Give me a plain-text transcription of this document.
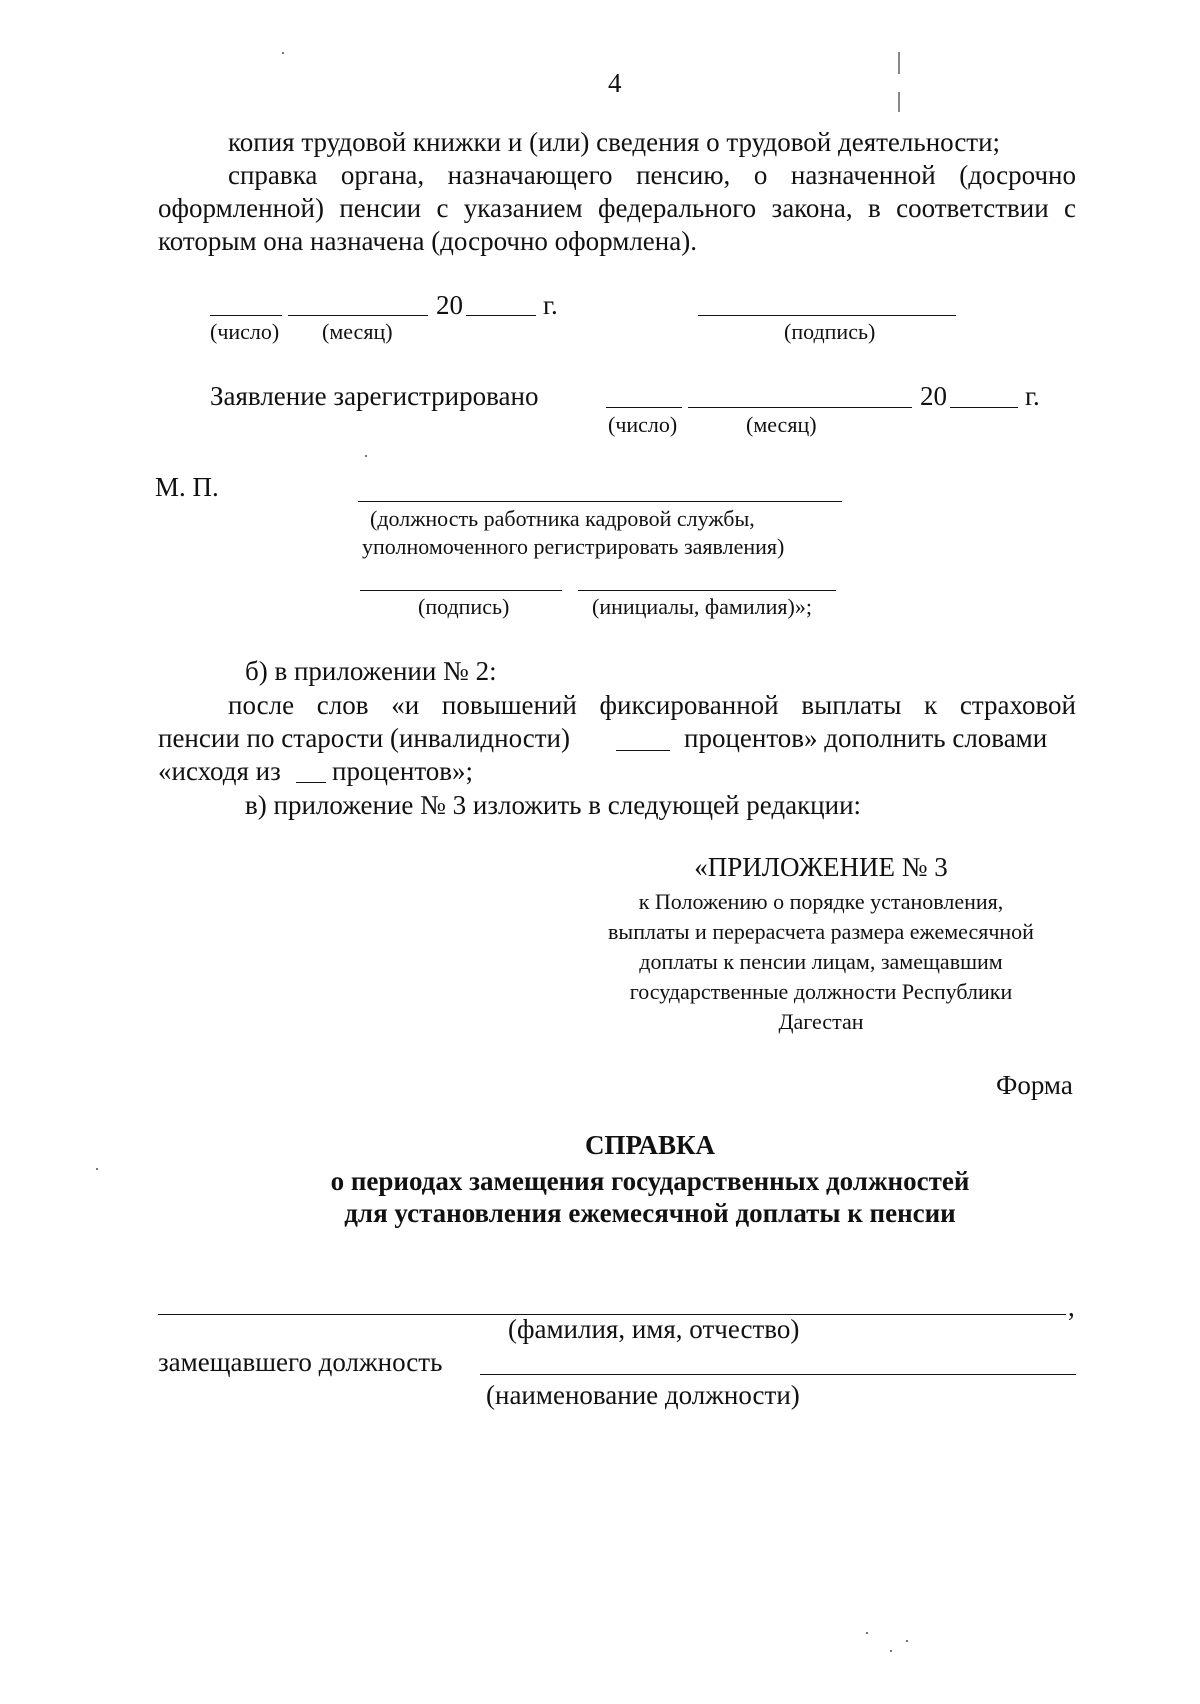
4
копия трудовой книжки и (или) сведения о трудовой деятельности;
справка органа, назначающего пенсию, о назначенной (досрочно
оформленной) пенсии с указанием федерального закона, в соответствии с
которым она назначена (досрочно оформлена).
20	г.
(число) (месяц)	(подпись)
Заявление зарегистрировано	20	г.
(число)	(месяц)
М. П.
(должность работника кадровой службы,
уполномоченного регистрировать заявления)
(подпись)	(инициалы, фамилия)»;
б) в приложении № 2:
после слов «и повышений фиксированной выплаты к страховой
пенсии по старости (инвалидности)	процентов» дополнить словами
«исходя из процентов»;
в) приложение № 3 изложить в следующей редакции:
«ПРИЛОЖЕНИЕ № 3
к Положению о порядке установления,
выплаты и перерасчета размера ежемесячной
доплаты к пенсии лицам, замещавшим
государственные должности Республики
Дагестан
Форма
СПРАВКА
о периодах замещения государственных должностей
для установления ежемесячной доплаты к пенсии
,
(фамилия, имя, отчество)
замещавшего должность
(наименование должности)
